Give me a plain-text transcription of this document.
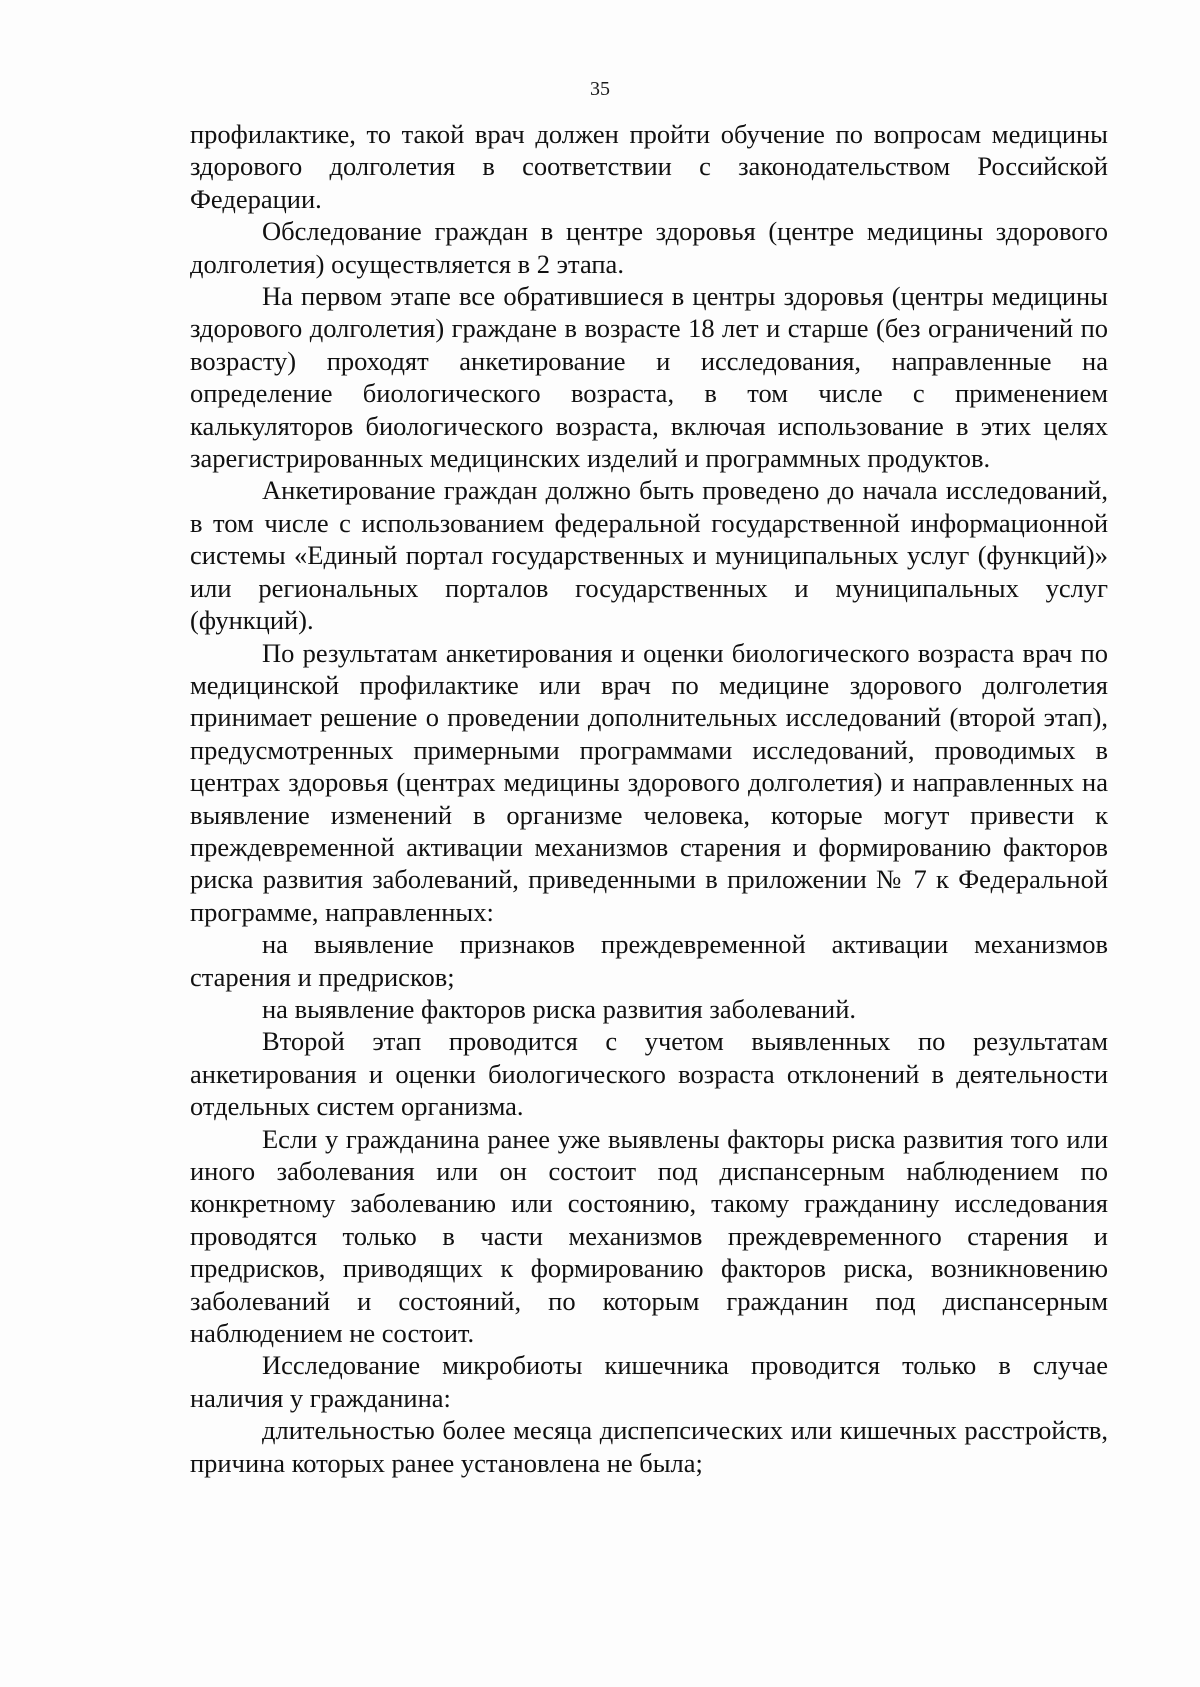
35

профилактике, то такой врач должен пройти обучение по вопросам медицины здорового долголетия в соответствии с законодательством Российской Федерации.

Обследование граждан в центре здоровья (центре медицины здорового долголетия) осуществляется в 2 этапа.

На первом этапе все обратившиеся в центры здоровья (центры медицины здорового долголетия) граждане в возрасте 18 лет и старше (без ограничений по возрасту) проходят анкетирование и исследования, направленные на определение биологического возраста, в том числе с применением калькуляторов биологического возраста, включая использование в этих целях зарегистрированных медицинских изделий и программных продуктов.

Анкетирование граждан должно быть проведено до начала исследований, в том числе с использованием федеральной государственной информационной системы «Единый портал государственных и муниципальных услуг (функций)» или региональных порталов государственных и муниципальных услуг (функций).

По результатам анкетирования и оценки биологического возраста врач по медицинской профилактике или врач по медицине здорового долголетия принимает решение о проведении дополнительных исследований (второй этап), предусмотренных примерными программами исследований, проводимых в центрах здоровья (центрах медицины здорового долголетия) и направленных на выявление изменений в организме человека, которые могут привести к преждевременной активации механизмов старения и формированию факторов риска развития заболеваний, приведенными в приложении № 7 к Федеральной программе, направленных:

на выявление признаков преждевременной активации механизмов старения и предрисков;

на выявление факторов риска развития заболеваний.

Второй этап проводится с учетом выявленных по результатам анкетирования и оценки биологического возраста отклонений в деятельности отдельных систем организма.

Если у гражданина ранее уже выявлены факторы риска развития того или иного заболевания или он состоит под диспансерным наблюдением по конкретному заболеванию или состоянию, такому гражданину исследования проводятся только в части механизмов преждевременного старения и предрисков, приводящих к формированию факторов риска, возникновению заболеваний и состояний, по которым гражданин под диспансерным наблюдением не состоит.

Исследование микробиоты кишечника проводится только в случае наличия у гражданина:

длительностью более месяца диспепсических или кишечных расстройств, причина которых ранее установлена не была;
